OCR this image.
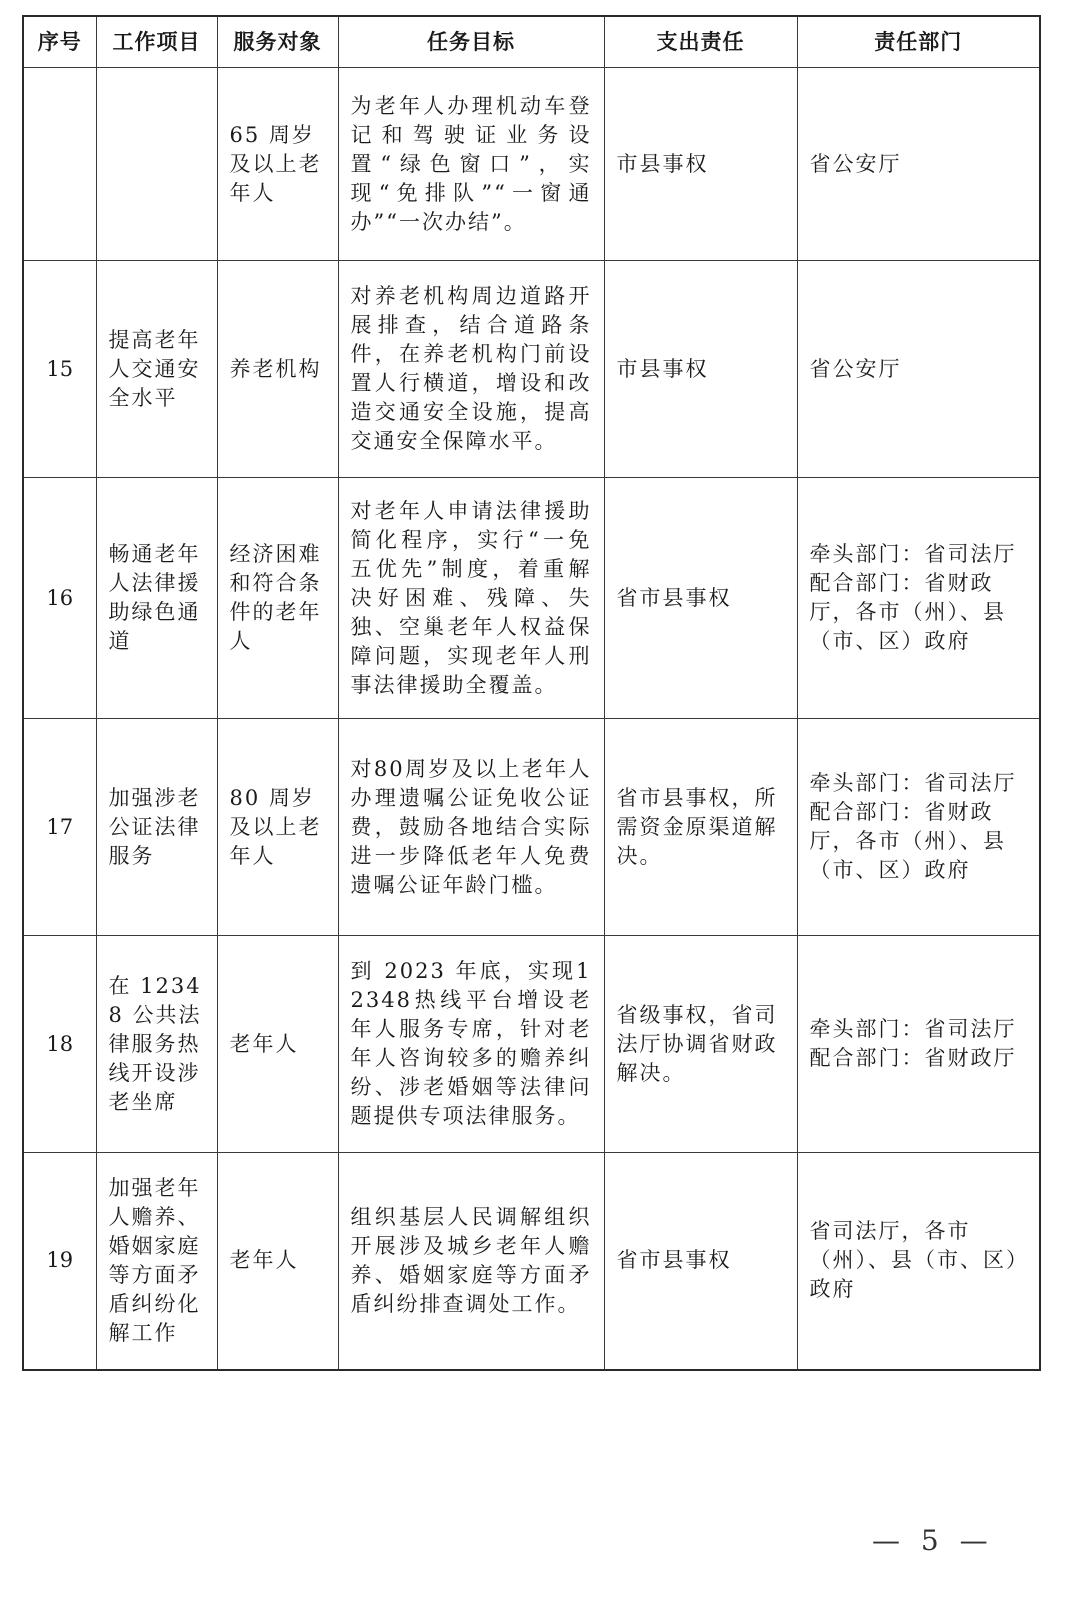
序号	工作项目	服务对象	任务目标	支出责任	责任部门
		65 周岁及以上老年人	为老年人办理机动车登记和驾驶证业务设置“绿色窗口”，实现“免排队”“一窗通办”“一次办结”。	市县事权	省公安厅
15	提高老年人交通安全水平	养老机构	对养老机构周边道路开展排查，结合道路条件，在养老机构门前设置人行横道，增设和改造交通安全设施，提高交通安全保障水平。	市县事权	省公安厅
16	畅通老年人法律援助绿色通道	经济困难和符合条件的老年人	对老年人申请法律援助简化程序，实行“一免五优先”制度，着重解决好困难、残障、失独、空巢老年人权益保障问题，实现老年人刑事法律援助全覆盖。	省市县事权	牵头部门：省司法厅 配合部门：省财政厅，各市（州）、县（市、区）政府
17	加强涉老公证法律服务	80 周岁及以上老年人	对80周岁及以上老年人办理遗嘱公证免收公证费，鼓励各地结合实际进一步降低老年人免费遗嘱公证年龄门槛。	省市县事权，所需资金原渠道解决。	牵头部门：省司法厅 配合部门：省财政厅，各市（州）、县（市、区）政府
18	在 12348 公共法律服务热线开设涉老坐席	老年人	到 2023 年底，实现12348热线平台增设老年人服务专席，针对老年人咨询较多的赡养纠纷、涉老婚姻等法律问题提供专项法律服务。	省级事权，省司法厅协调省财政解决。	牵头部门：省司法厅 配合部门：省财政厅
19	加强老年人赡养、婚姻家庭等方面矛盾纠纷化解工作	老年人	组织基层人民调解组织开展涉及城乡老年人赡养、婚姻家庭等方面矛盾纠纷排查调处工作。	省市县事权	省司法厅，各市（州）、县（市、区）政府
— 5 —
